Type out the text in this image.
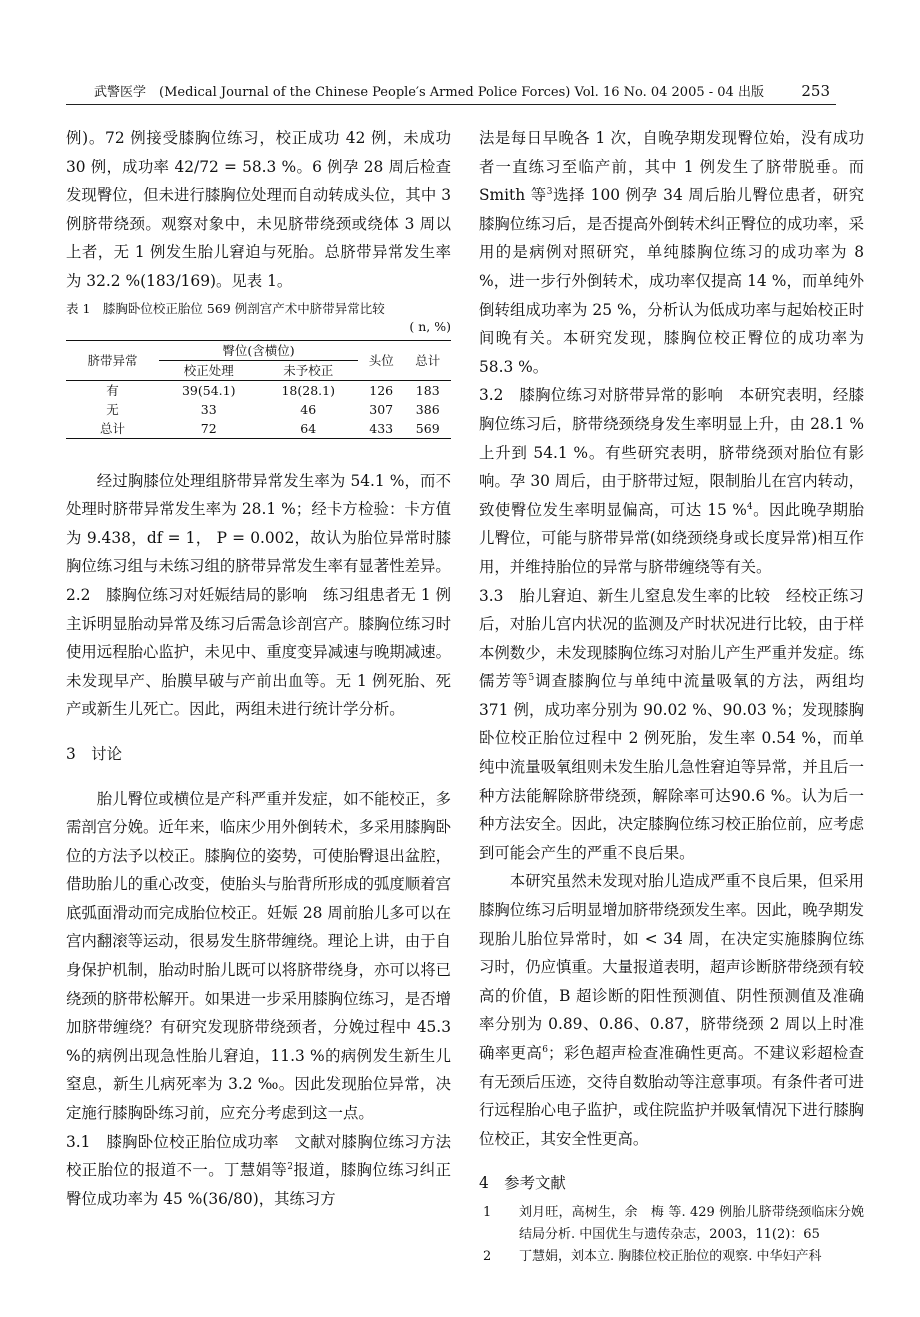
武警医学　(Medical Journal of the Chinese People′s Armed Police Forces) Vol. 16 No. 04 2005 - 04 出版 253

例)。72 例接受膝胸位练习，校正成功 42 例，未成功 30 例，成功率 42/72 = 58.3 %。6 例孕 28 周后检查发现臀位，但未进行膝胸位处理而自动转成头位，其中 3 例脐带绕颈。观察对象中，未见脐带绕颈或绕体 3 周以上者，无 1 例发生胎儿窘迫与死胎。总脐带异常发生率为 32.2 %(183/169)。见表 1。

表 1　膝胸卧位校正胎位 569 例剖宫产术中脐带异常比较
( n, %)
脐带异常	臀位(含横位)		头位	总计
	校正处理	未予校正		
有	39(54.1)	18(28.1)	126	183
无	33	46	307	386
总计	72	64	433	569

经过胸膝位处理组脐带异常发生率为 54.1 %，而不处理时脐带异常发生率为 28.1 %；经卡方检验：卡方值为 9.438，df = 1， P = 0.002，故认为胎位异常时膝胸位练习组与未练习组的脐带异常发生率有显著性差异。

2.2　膝胸位练习对妊娠结局的影响　练习组患者无 1 例主诉明显胎动异常及练习后需急诊剖宫产。膝胸位练习时使用远程胎心监护，未见中、重度变异减速与晚期减速。未发现早产、胎膜早破与产前出血等。无 1 例死胎、死产或新生儿死亡。因此，两组未进行统计学分析。

3　讨论

胎儿臀位或横位是产科严重并发症，如不能校正，多需剖宫分娩。近年来，临床少用外倒转术，多采用膝胸卧位的方法予以校正。膝胸位的姿势，可使胎臀退出盆腔，借助胎儿的重心改变，使胎头与胎背所形成的弧度顺着宫底弧面滑动而完成胎位校正。妊娠 28 周前胎儿多可以在宫内翻滚等运动，很易发生脐带缠绕。理论上讲，由于自身保护机制，胎动时胎儿既可以将脐带绕身，亦可以将已绕颈的脐带松解开。如果进一步采用膝胸位练习，是否增加脐带缠绕？有研究发现脐带绕颈者，分娩过程中 45.3 %的病例出现急性胎儿窘迫，11.3 %的病例发生新生儿窒息，新生儿病死率为 3.2 ‰。因此发现胎位异常，决定施行膝胸卧练习前，应充分考虑到这一点。

3.1　膝胸卧位校正胎位成功率　文献对膝胸位练习方法校正胎位的报道不一。丁慧娟等$^2$报道，膝胸位练习纠正臀位成功率为 45 %(36/80)，其练习方

法是每日早晚各 1 次，自晚孕期发现臀位始，没有成功者一直练习至临产前，其中 1 例发生了脐带脱垂。而 Smith 等$^3$选择 100 例孕 34 周后胎儿臀位患者，研究膝胸位练习后，是否提高外倒转术纠正臀位的成功率，采用的是病例对照研究，单纯膝胸位练习的成功率为 8 %，进一步行外倒转术，成功率仅提高 14 %，而单纯外倒转组成功率为 25 %，分析认为低成功率与起始校正时间晚有关。本研究发现，膝胸位校正臀位的成功率为 58.3 %。

3.2　膝胸位练习对脐带异常的影响　本研究表明，经膝胸位练习后，脐带绕颈绕身发生率明显上升，由 28.1 %上升到 54.1 %。有些研究表明，脐带绕颈对胎位有影响。孕 30 周后，由于脐带过短，限制胎儿在宫内转动，致使臀位发生率明显偏高，可达 15 %$^4$。因此晚孕期胎儿臀位，可能与脐带异常(如绕颈绕身或长度异常)相互作用，并维持胎位的异常与脐带缠绕等有关。

3.3　胎儿窘迫、新生儿窒息发生率的比较　经校正练习后，对胎儿宫内状况的监测及产时状况进行比较，由于样本例数少，未发现膝胸位练习对胎儿产生严重并发症。练儒芳等$^5$调查膝胸位与单纯中流量吸氧的方法，两组均 371 例，成功率分别为 90.02 %、90.03 %；发现膝胸卧位校正胎位过程中 2 例死胎，发生率 0.54 %，而单纯中流量吸氧组则未发生胎儿急性窘迫等异常，并且后一种方法能解除脐带绕颈，解除率可达90.6 %。认为后一种方法安全。因此，决定膝胸位练习校正胎位前，应考虑到可能会产生的严重不良后果。

本研究虽然未发现对胎儿造成严重不良后果，但采用膝胸位练习后明显增加脐带绕颈发生率。因此，晚孕期发现胎儿胎位异常时，如 < 34 周，在决定实施膝胸位练习时，仍应慎重。大量报道表明，超声诊断脐带绕颈有较高的价值，B 超诊断的阳性预测值、阴性预测值及准确率分别为 0.89、0.86、0.87，脐带绕颈 2 周以上时准确率更高$^6$；彩色超声检查准确性更高。不建议彩超检查有无颈后压迹，交待自数胎动等注意事项。有条件者可进行远程胎心电子监护，或住院监护并吸氧情况下进行膝胸位校正，其安全性更高。

4　参考文献

1 刘月旺，高树生，余　梅 等. 429 例胎儿脐带绕颈临床分娩结局分析. 中国优生与遗传杂志，2003，11(2)：65
2 丁慧娟，刘本立. 胸膝位校正胎位的观察. 中华妇产科
